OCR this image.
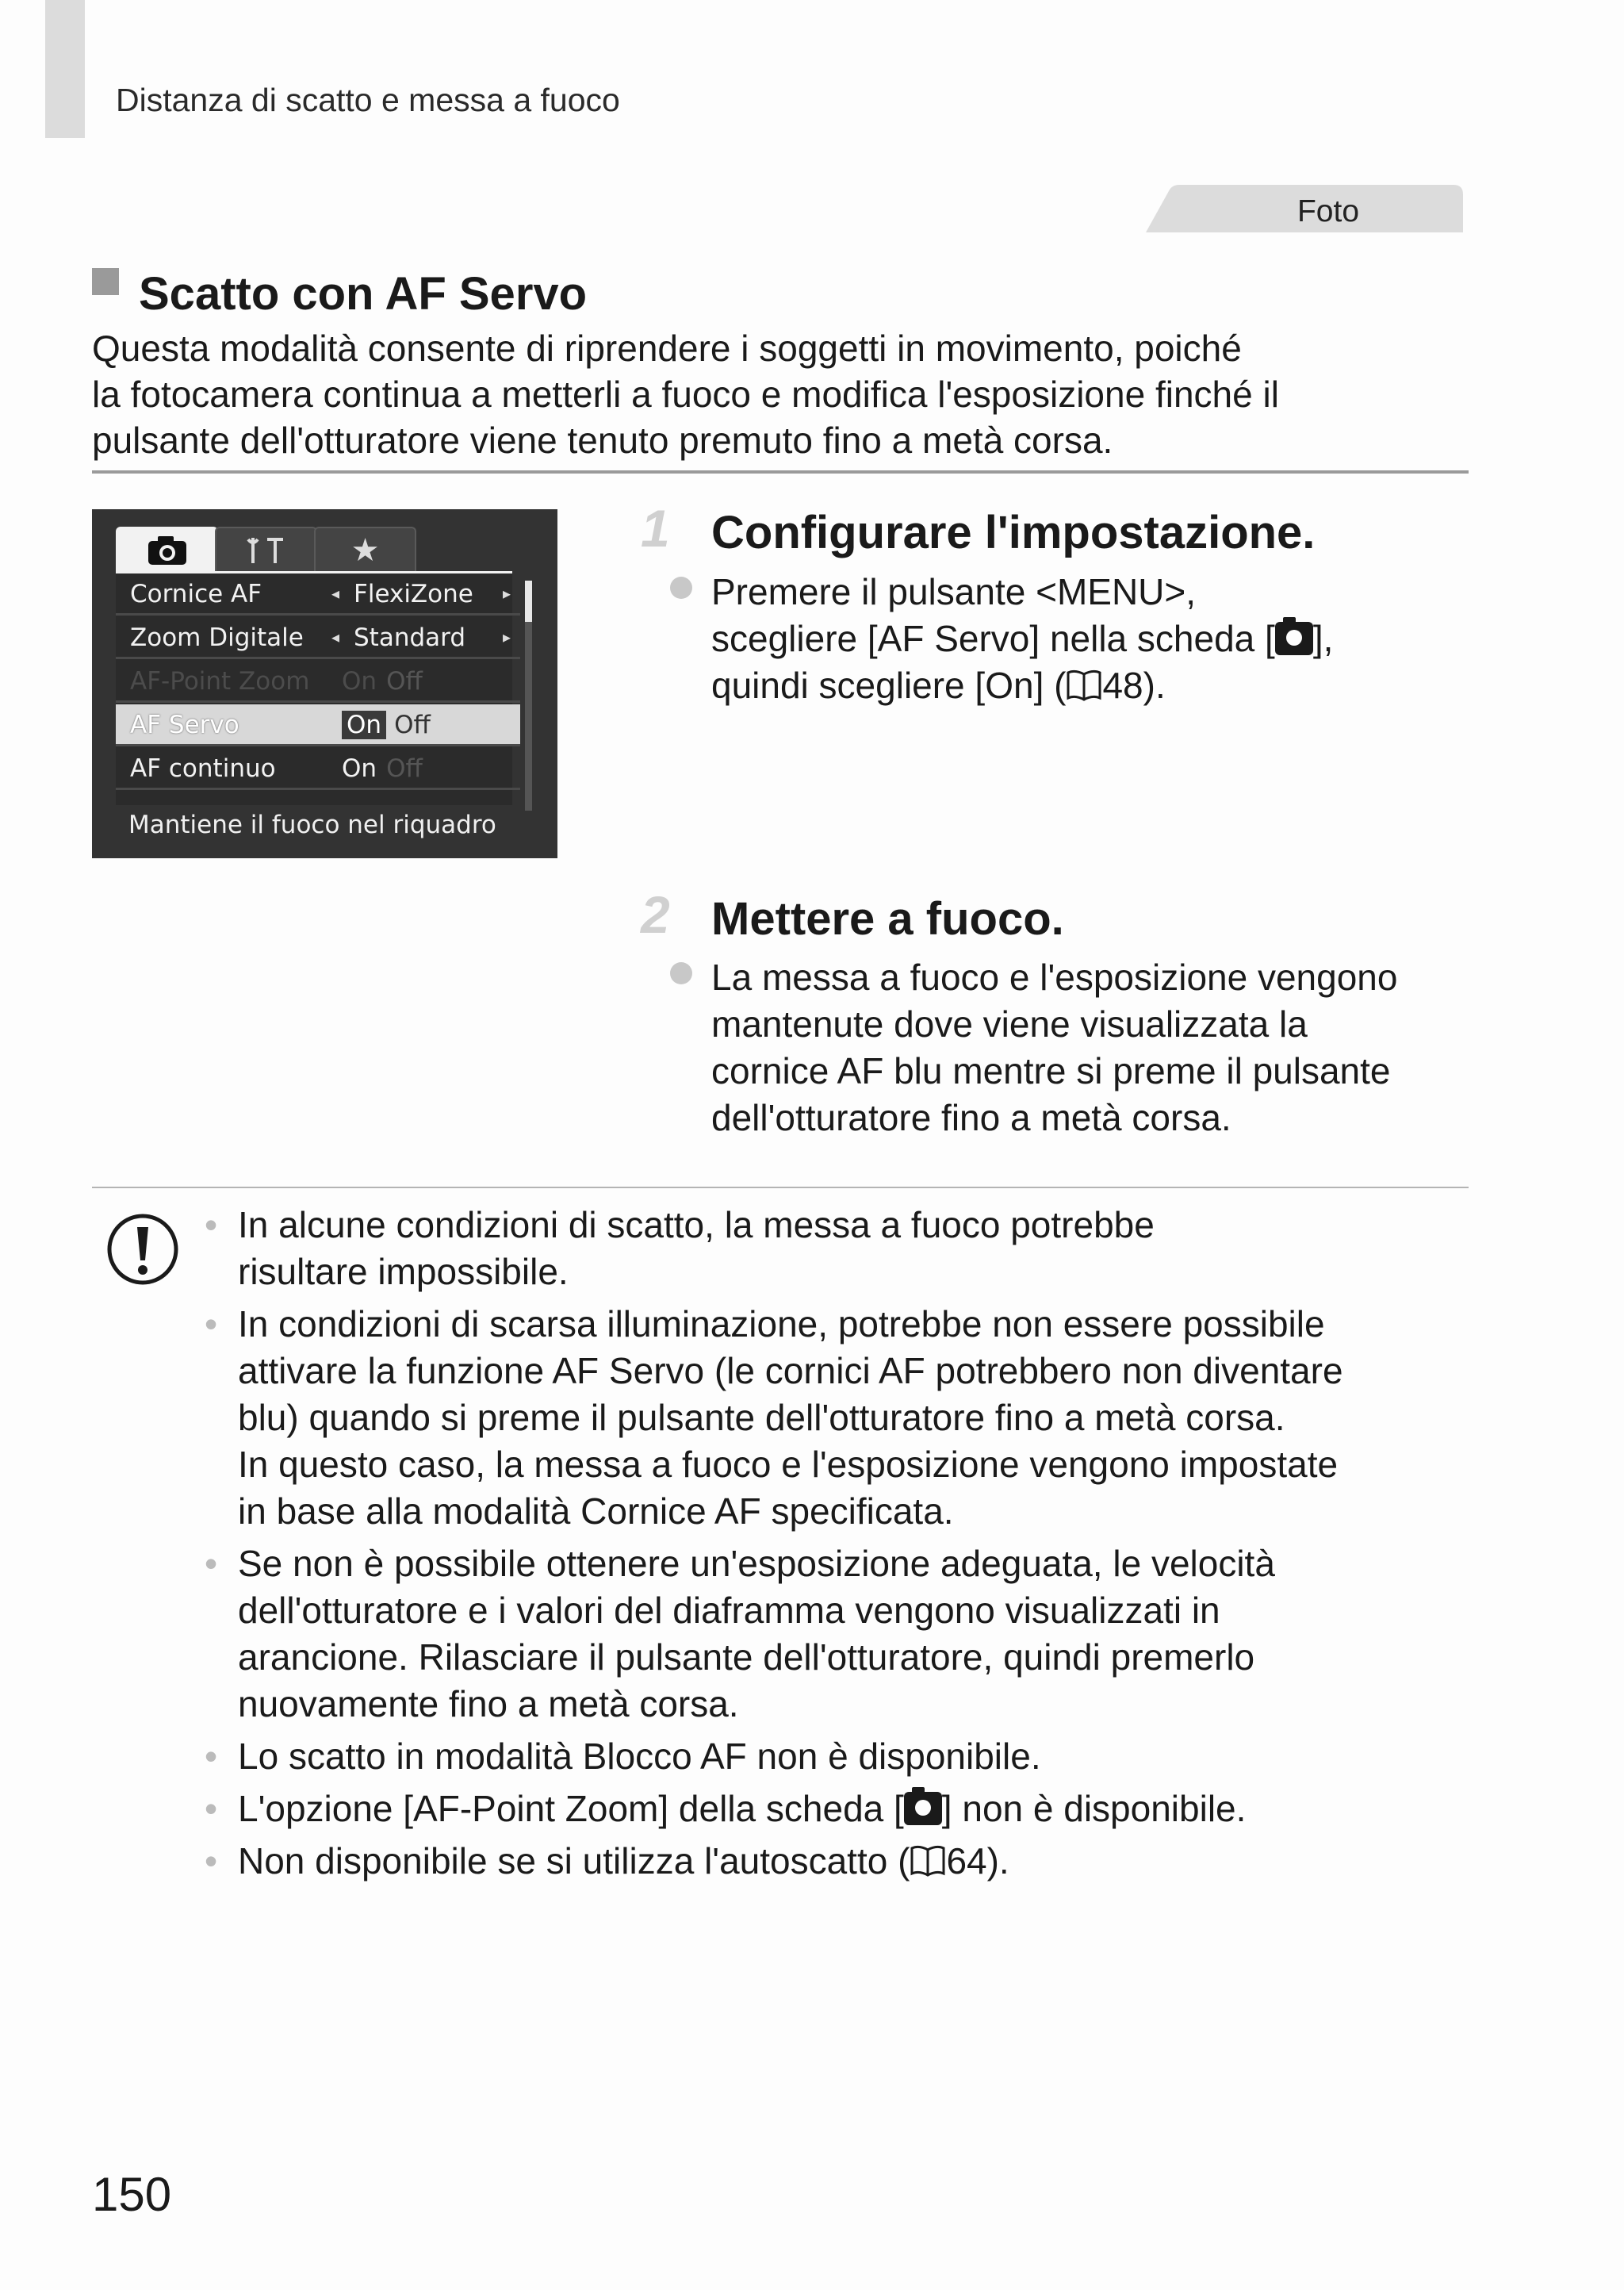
Distanza di scatto e messa a fuoco
Foto
Scatto con AF Servo
Questa modalità consente di riprendere i soggetti in movimento, poiché
la fotocamera continua a metterli a fuoco e modifica l'esposizione finché il
pulsante dell'otturatore viene tenuto premuto fino a metà corsa.
★
Cornice AF	◂ FlexiZone ▸
Zoom Digitale ◂ Standard ▸
AF-Point Zoom On Off
AF Servo	On Off
AF continuo	On Off
Mantiene il fuoco nel riquadro
1 Configurare l'impostazione.
Premere il pulsante <MENU>,
scegliere [AF Servo] nella scheda [ ],
quindi scegliere [On] ( 48).
2 Mettere a fuoco.
La messa a fuoco e l'esposizione vengono
mantenute dove viene visualizzata la
cornice AF blu mentre si preme il pulsante
dell'otturatore fino a metà corsa.
• In alcune condizioni di scatto, la messa a fuoco potrebbe
risultare impossibile.
• In condizioni di scarsa illuminazione, potrebbe non essere possibile
attivare la funzione AF Servo (le cornici AF potrebbero non diventare
blu) quando si preme il pulsante dell'otturatore fino a metà corsa.
In questo caso, la messa a fuoco e l'esposizione vengono impostate
in base alla modalità Cornice AF specificata.
• Se non è possibile ottenere un'esposizione adeguata, le velocità
dell'otturatore e i valori del diaframma vengono visualizzati in
arancione. Rilasciare il pulsante dell'otturatore, quindi premerlo
nuovamente fino a metà corsa.
• Lo scatto in modalità Blocco AF non è disponibile.
• L'opzione [AF-Point Zoom] della scheda [ ] non è disponibile.
• Non disponibile se si utilizza l'autoscatto ( 64).
150
